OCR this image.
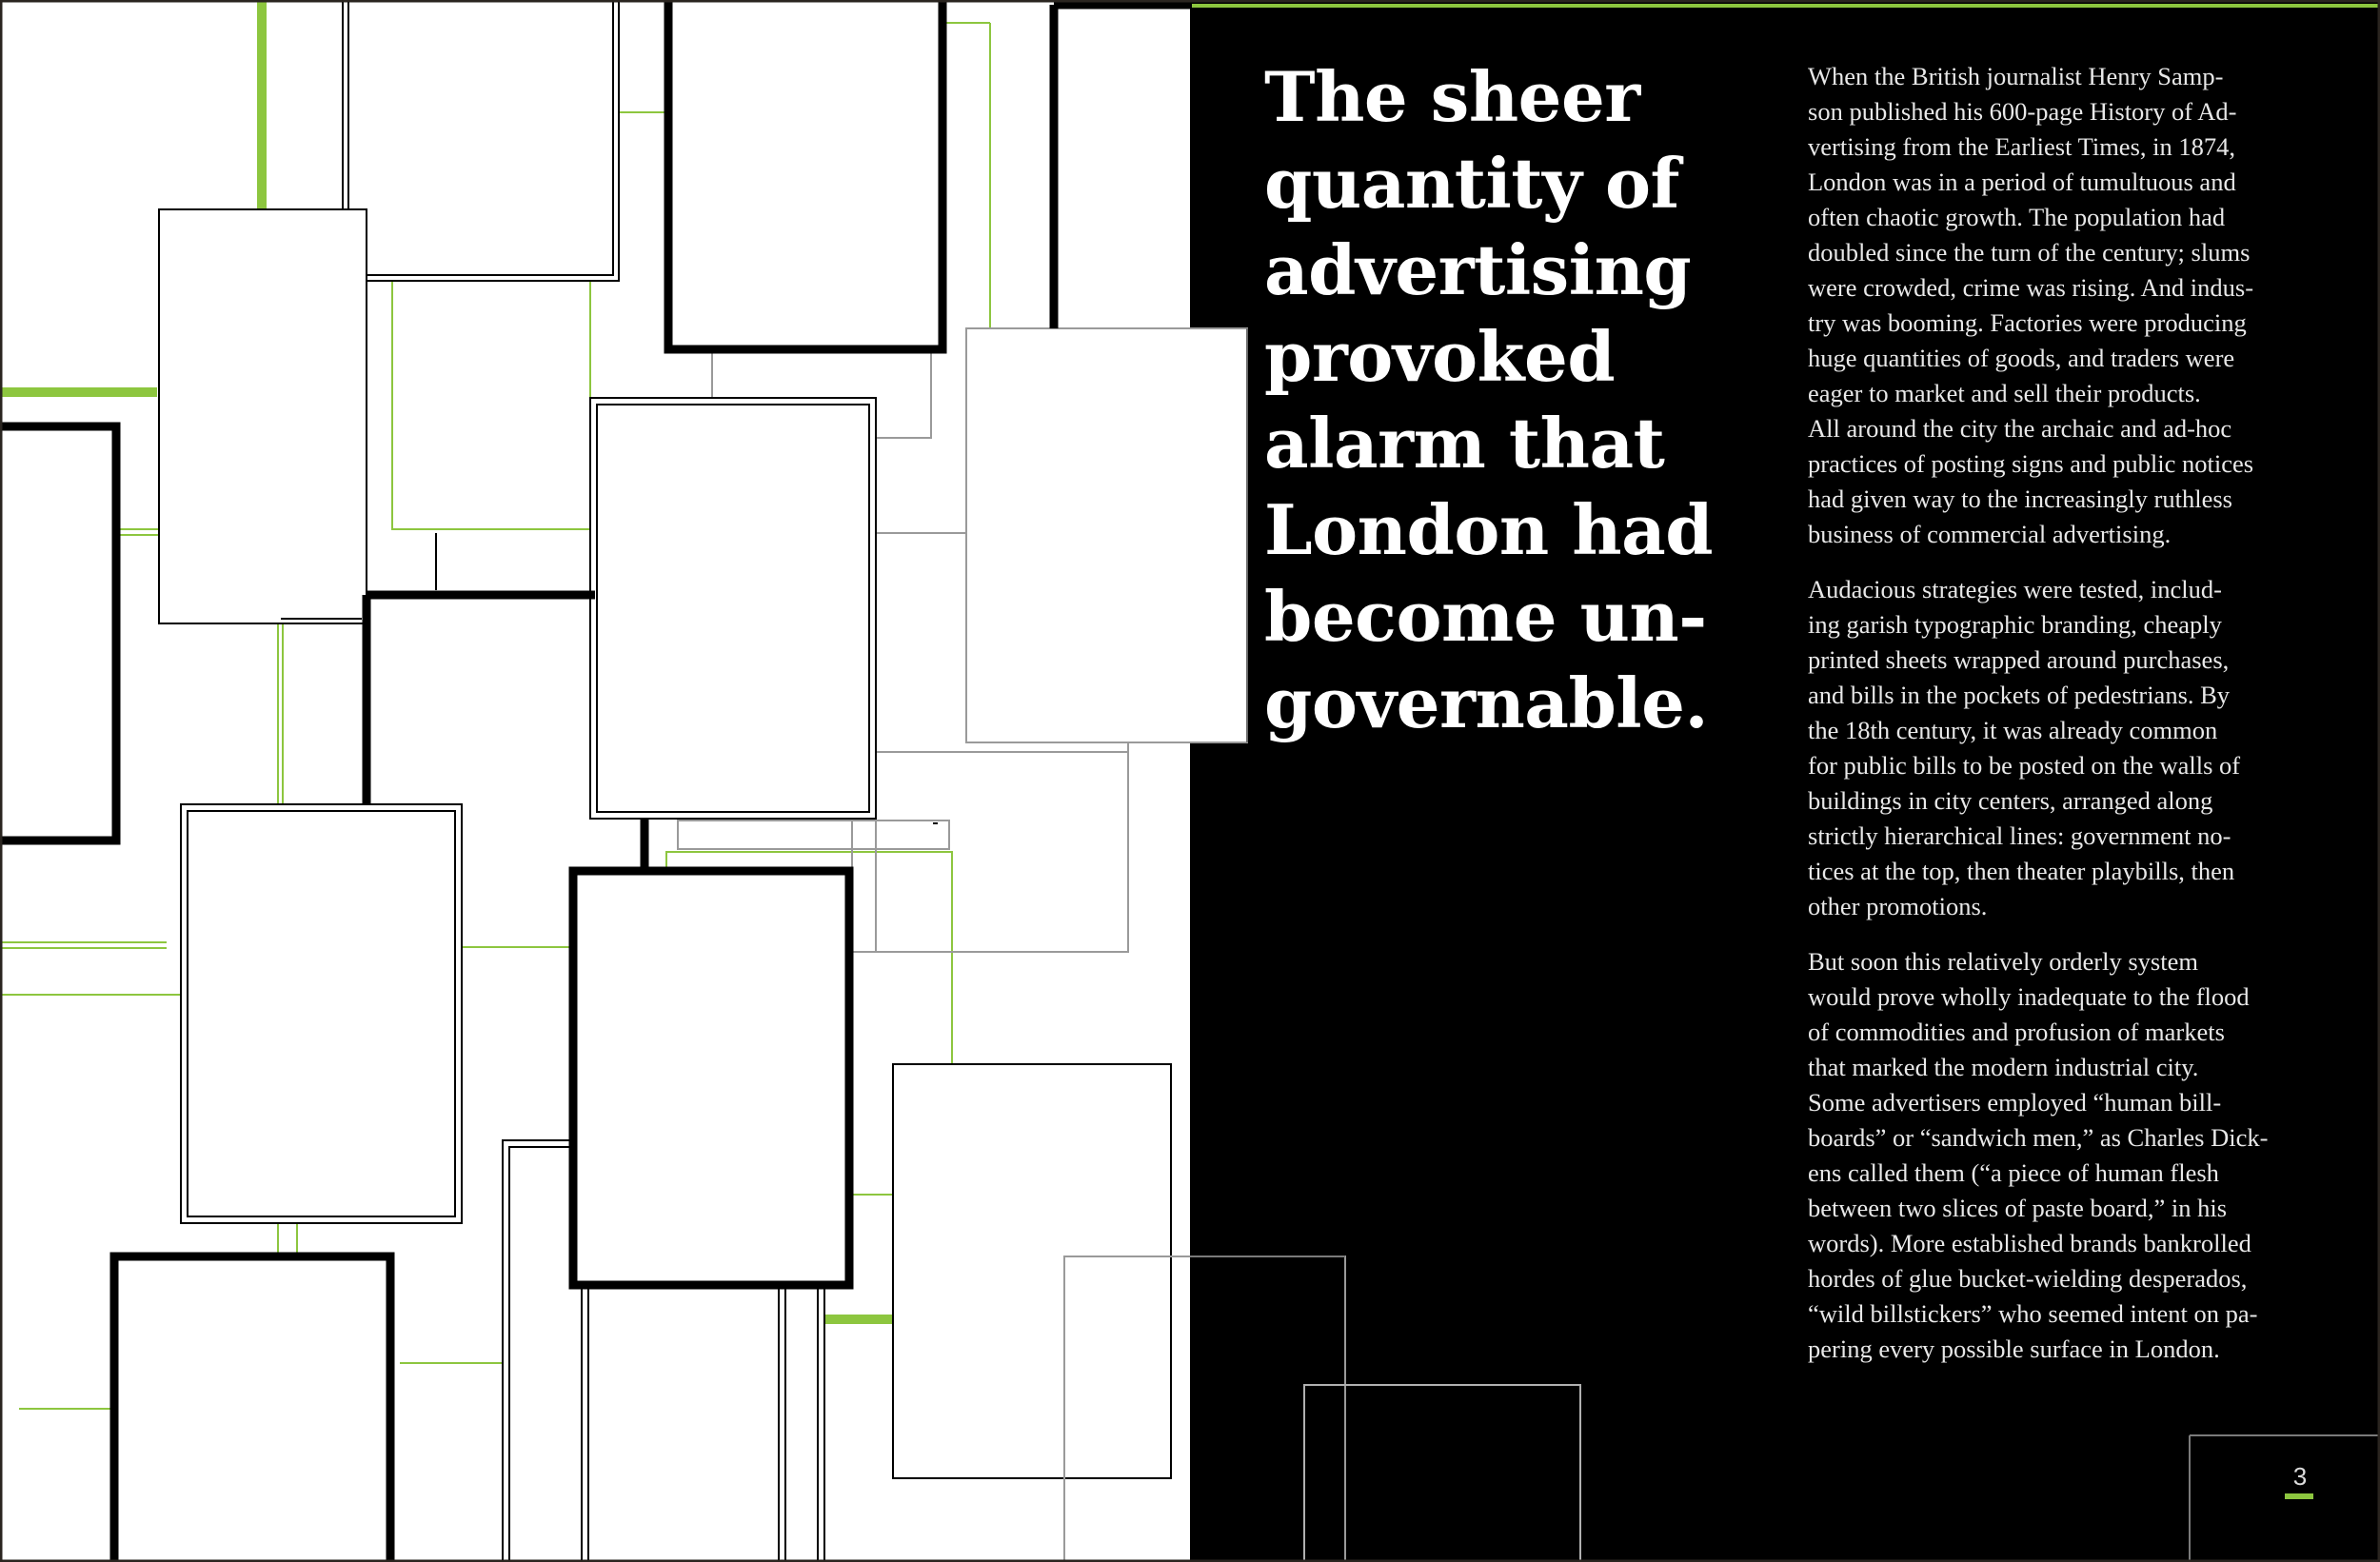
The sheer
quantity of
advertising
provoked
alarm that
London had
become un-
governable.

When the British journalist Henry Samp-
son published his 600-page History of Ad-
vertising from the Earliest Times, in 1874,
London was in a period of tumultuous and
often chaotic growth. The population had
doubled since the turn of the century; slums
were crowded, crime was rising. And indus-
try was booming. Factories were producing
huge quantities of goods, and traders were
eager to market and sell their products.
All around the city the archaic and ad-hoc
practices of posting signs and public notices
had given way to the increasingly ruthless
business of commercial advertising.

Audacious strategies were tested, includ-
ing garish typographic branding, cheaply
printed sheets wrapped around purchases,
and bills in the pockets of pedestrians. By
the 18th century, it was already common
for public bills to be posted on the walls of
buildings in city centers, arranged along
strictly hierarchical lines: government no-
tices at the top, then theater playbills, then
other promotions.

But soon this relatively orderly system
would prove wholly inadequate to the flood
of commodities and profusion of markets
that marked the modern industrial city.
Some advertisers employed “human bill-
boards” or “sandwich men,” as Charles Dick-
ens called them (“a piece of human flesh
between two slices of paste board,” in his
words). More established brands bankrolled
hordes of glue bucket-wielding desperados,
“wild billstickers” who seemed intent on pa-
pering every possible surface in London.

3
